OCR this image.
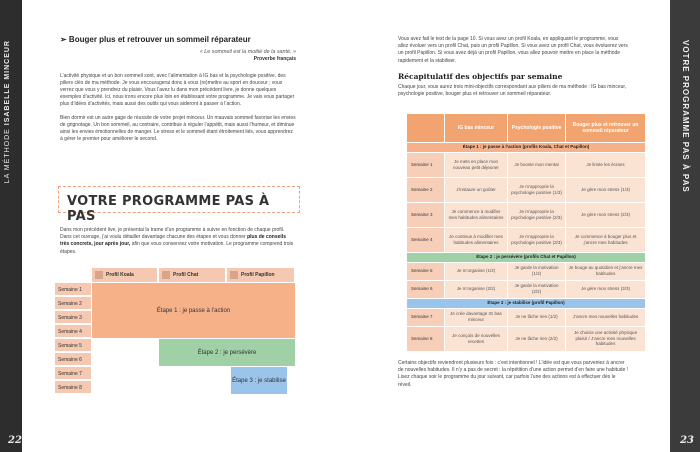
LA MÉTHODE ISABELLE MINCEUR
22
VOTRE PROGRAMME PAS À PAS
23
➢ Bouger plus et retrouver un sommeil réparateur
« Le sommeil est la moitié de la santé. »
Proverbe français

L’activité physique et un bon sommeil sont, avec l’alimentation à IG bas et la psychologie positive, des piliers clés de ma méthode. Je vous encouragerai donc à vous (re)mettre au sport en douceur ; vous verrez que vous y prendrez du plaisir. Vous l’avez lu dans mon précédent livre, je donne quelques exemples d’activité. Ici, nous irons encore plus loin en établissant votre programme. Je vais vous partager plus d’idées d’activités, mais aussi des outils qui vous aideront à passer à l’action.

Bien dormir est un autre gage de réussite de votre projet minceur. Un mauvais sommeil favorise les envies de grignotage. Un bon sommeil, au contraire, contribue à réguler l’appétit, mais aussi l’humeur, et diminue ainsi les envies émotionnelles de manger. Le stress et le sommeil étant étroitement liés, vous apprendrez à gérer le premier pour améliorer le second.

VOTRE PROGRAMME PAS À PAS
Dans mon précédent live, je présentai la trame d’un programme à suivre en fonction de chaque profil. Dans cet ouvrage, j’ai voulu détailler davantage chacune des étapes et vous donner plus de conseils très concrets, jour après jour, afin que vous conserviez votre motivation. Le programme comprend trois étapes.
Profil Koala	Profil Chat	Profil Papillon
Semaine 1
Semaine 2
Semaine 3
Semaine 4
Semaine 5
Semaine 6
Semaine 7
Semaine 8
Étape 1 : je passe à l’action
Étape 2 : je persévère
Étape 3 : je stabilise

Vous avez fait le test de la page 10. Si vous avez un profil Koala, en appliquant le programme, vous allez évoluer vers un profil Chat, puis un profil Papillon. Si vous avez un profil Chat, vous évoluerez vers un profil Papillon. Si vous avez déjà un profil Papillon, vous allez pouvoir mettre en place la méthode rapidement et la stabiliser.

Récapitulatif des objectifs par semaine

Chaque jour, vous aurez trois mini-objectifs correspondant aux piliers de ma méthode : IG bas minceur, psychologie positive, bouger plus et retrouver un sommeil réparateur.

	IG bas minceur	Psychologie positive	Bouger plus et retrouver un sommeil réparateur
Étape 1 : je passe à l’action (profils Koala, Chat et Papillon)			
Semaine 1	Je mets en place mon nouveau petit déjeuner	Je booste mon mental	Je limite les écrans
Semaine 2	J’instaure un goûter	Je m’approprie la psychologie positive (1/3)	Je gère mon stress (1/3)
Semaine 3	Je commence à modifier mes habitudes alimentaires	Je m’approprie la psychologie positive (2/3)	Je gère mon stress (2/3)
Semaine 4	Je continue à modifier mes habitudes alimentaires	Je m’approprie la psychologie positive (3/3)	Je commence à bouger plus et j’ancre mes habitudes
Étape 2 : je persévère (profils Chat et Papillon)			
Semaine 5	Je m’organise (1/2)	Je garde la motivation (1/2)	Je bouge au quotidien et j’ancre mes habitudes
Semaine 6	Je m’organise (2/2)	Je garde la motivation (2/2)	Je gère mon stress (3/3)
Étape 3 : je stabilise (profil Papillon)			
Semaine 7	Je crée davantage IG bas minceur	Je ne lâche rien (1/2)	J’ancre mes nouvelles habitudes
Semaine 8	Je conçois de nouvelles recettes	Je ne lâche rien (2/2)	Je choisis une activité physique plaisir / J’ancre mes nouvelles habitudes
Certains objectifs reviendront plusieurs fois : c’est intentionnel ! L’idée est que vous parveniez à ancrer de nouvelles habitudes. Il n’y a pas de secret : la répétition d’une action permet d’en faire une habitude ! Lisez chaque soir le programme du jour suivant, car parfois l’une des actions est à effectuer dès le réveil.
